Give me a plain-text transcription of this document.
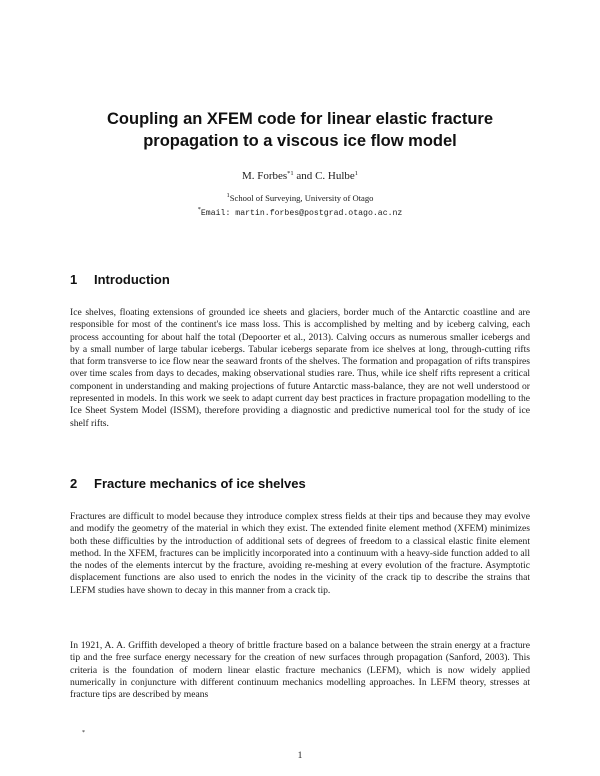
Coupling an XFEM code for linear elastic fracture propagation to a viscous ice flow model
M. Forbes$^{*1}$ and C. Hulbe$^1$
$^1$School of Surveying, University of Otago
*Email: martin.forbes@postgrad.otago.ac.nz
1 Introduction

Ice shelves, floating extensions of grounded ice sheets and glaciers, border much of the Antarctic coastline and are responsible for most of the continent's ice mass loss. This is accomplished by melting and by iceberg calving, each process accounting for about half the total (Depoorter et al., 2013). Calving occurs as numerous smaller icebergs and by a small number of large tabular icebergs. Tabular icebergs separate from ice shelves at long, through-cutting rifts that form transverse to ice flow near the seaward fronts of the shelves. The formation and propagation of rifts transpires over time scales from days to decades, making observational studies rare. Thus, while ice shelf rifts represent a critical component in understanding and making projections of future Antarctic mass-balance, they are not well understood or represented in models. In this work we seek to adapt current day best practices in fracture propagation modelling to the Ice Sheet System Model (ISSM), therefore providing a diagnostic and predictive numerical tool for the study of ice shelf rifts.

2 Fracture mechanics of ice shelves

Fractures are difficult to model because they introduce complex stress fields at their tips and because they may evolve and modify the geometry of the material in which they exist. The extended finite element method (XFEM) minimizes both these difficulties by the introduction of additional sets of degrees of freedom to a classical elastic finite element method. In the XFEM, fractures can be implicitly incorporated into a continuum with a heavy-side function added to all the nodes of the elements intercut by the fracture, avoiding re-meshing at every evolution of the fracture. Asymptotic displacement functions are also used to enrich the nodes in the vicinity of the crack tip to describe the strains that LEFM studies have shown to decay in this manner from a crack tip.

In 1921, A. A. Griffith developed a theory of brittle fracture based on a balance between the strain energy at a fracture tip and the free surface energy necessary for the creation of new surfaces through propagation (Sanford, 2003). This criteria is the foundation of modern linear elastic fracture mechanics (LEFM), which is now widely applied numerically in conjuncture with different continuum mechanics modelling approaches. In LEFM theory, stresses at fracture tips are described by means

*
1
